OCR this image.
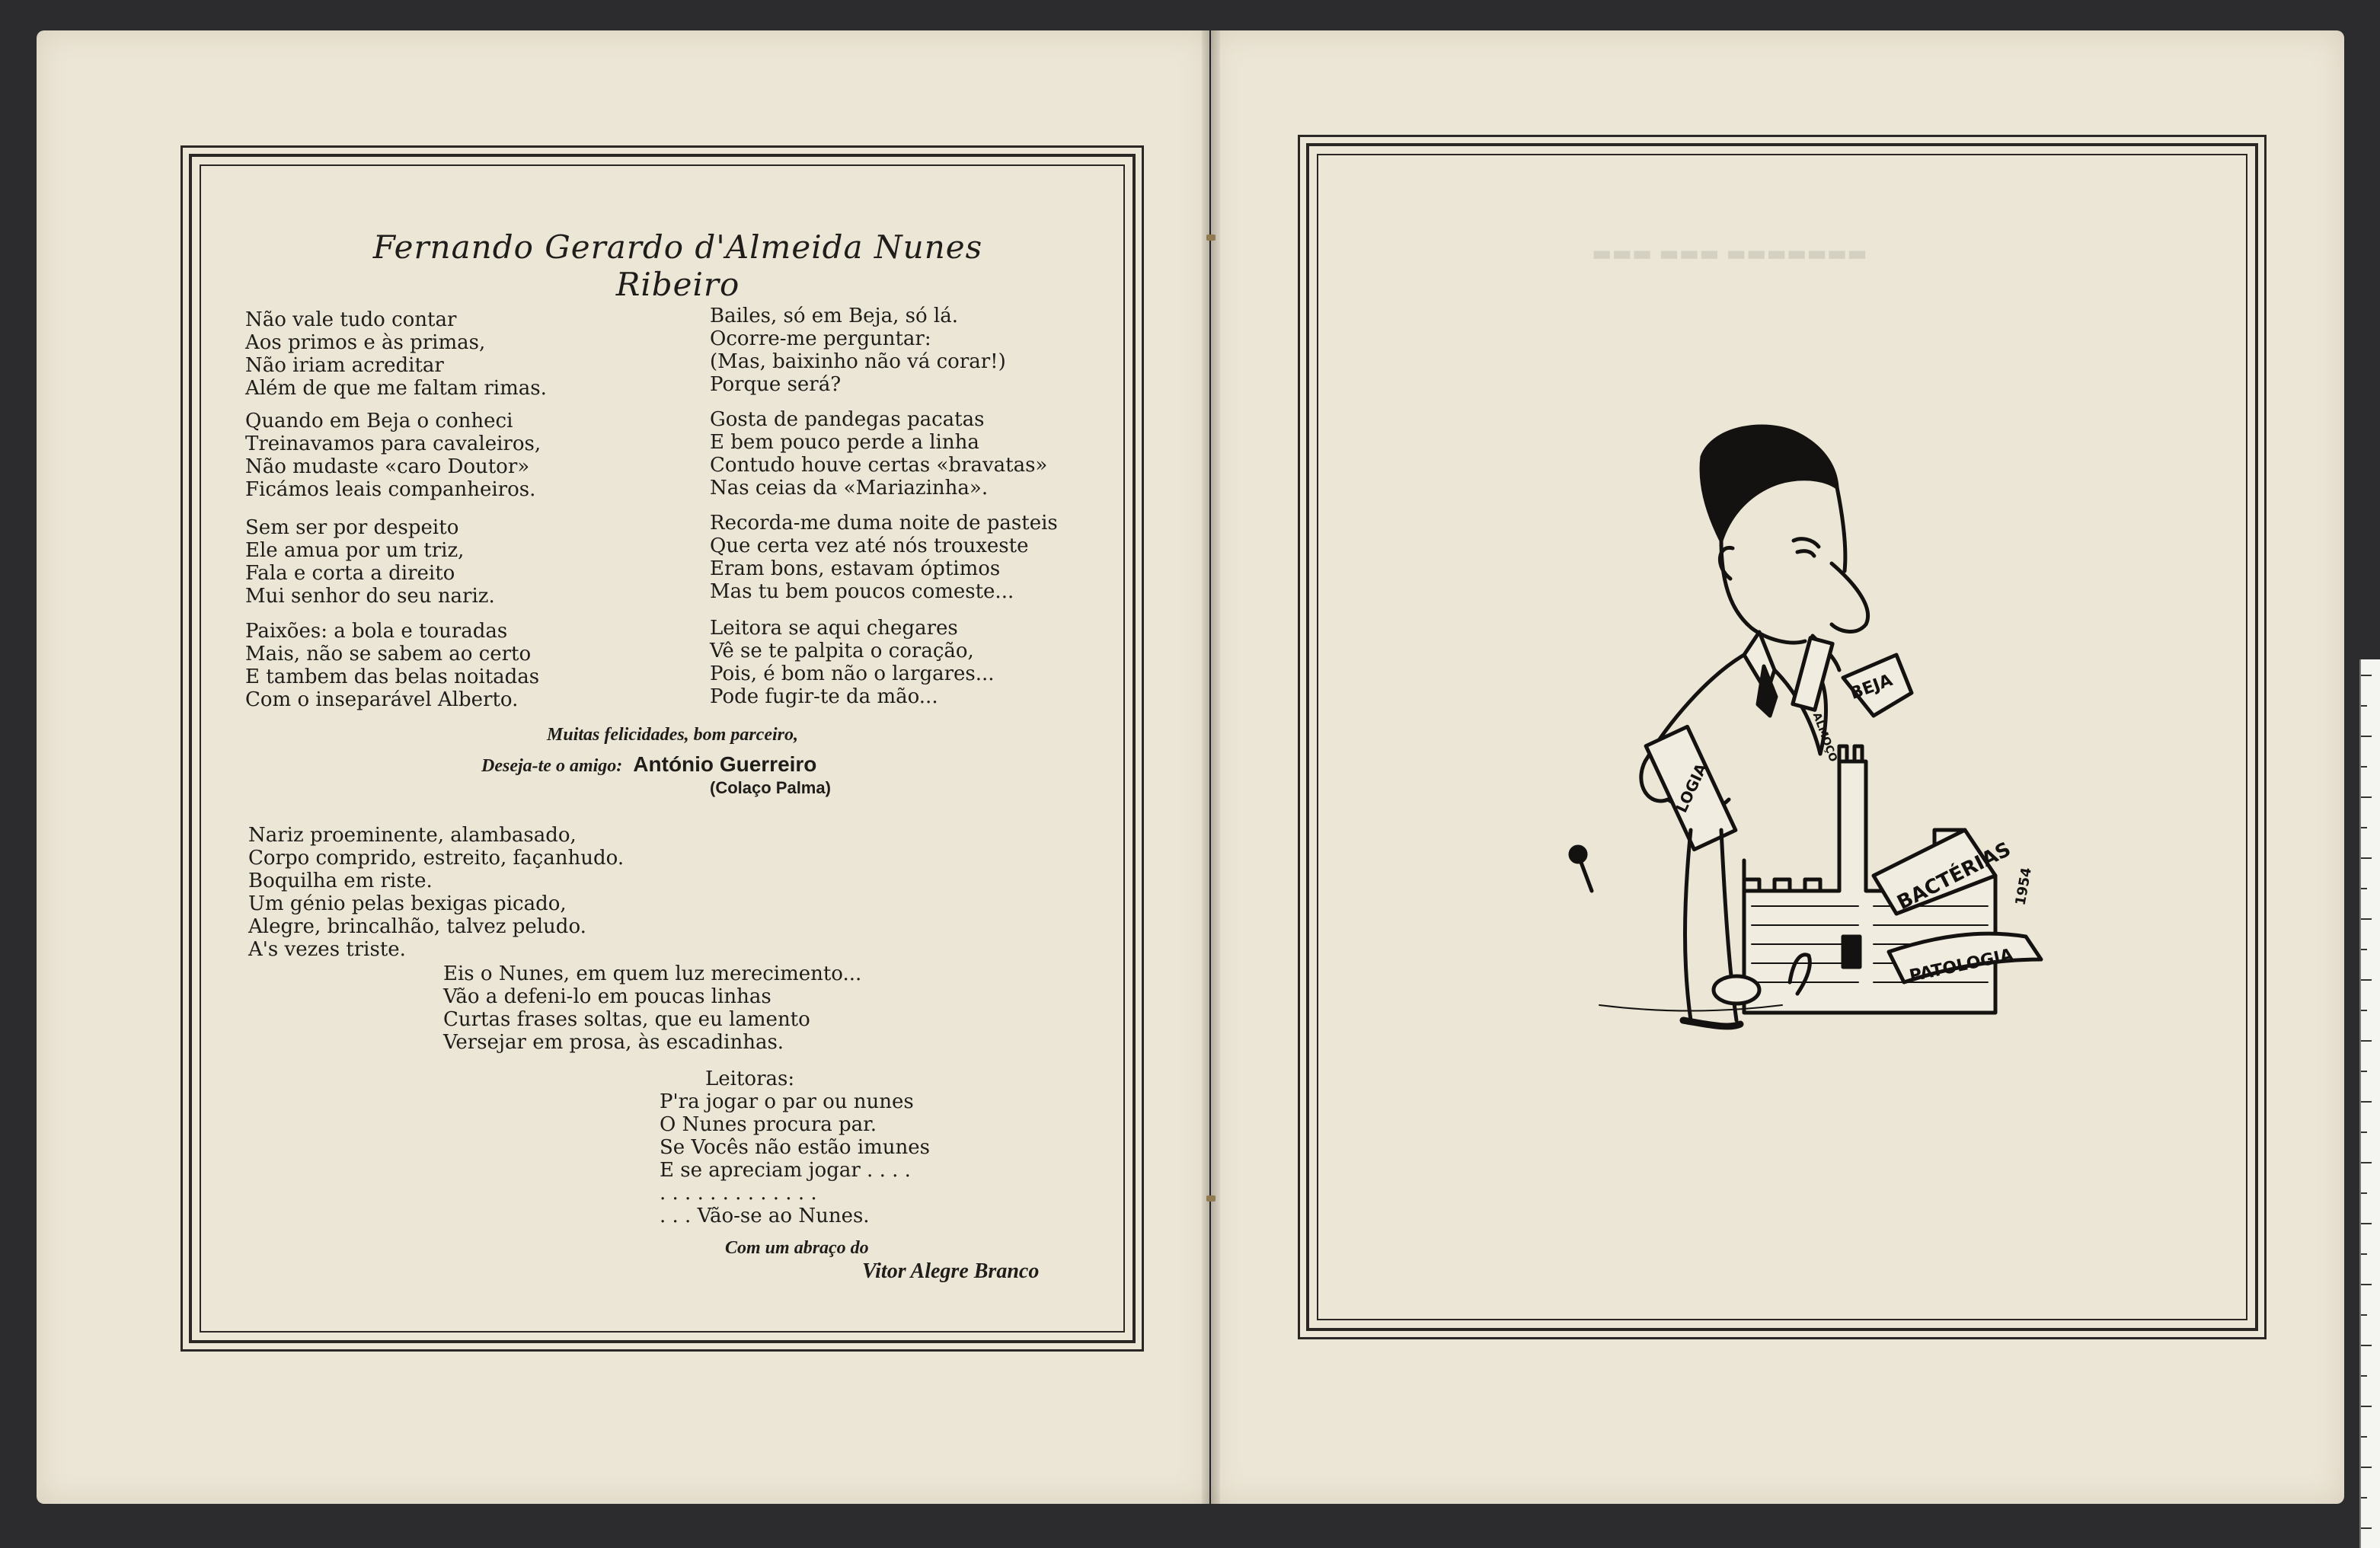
Fernando Gerardo d'Almeida Nunes Ribeiro
Não vale tudo contar
Aos primos e às primas,
Não iriam acreditar
Além de que me faltam rimas.
Quando em Beja o conheci
Treinavamos para cavaleiros,
Não mudaste «caro Doutor»
Ficámos leais companheiros.
Sem ser por despeito
Ele amua por um triz,
Fala e corta a direito
Mui senhor do seu nariz.
Paixões: a bola e touradas
Mais, não se sabem ao certo
E tambem das belas noitadas
Com o inseparável Alberto.
Bailes, só em Beja, só lá.
Ocorre-me perguntar:
(Mas, baixinho não vá corar!)
Porque será?
Gosta de pandegas pacatas
E bem pouco perde a linha
Contudo houve certas «bravatas»
Nas ceias da «Mariazinha».
Recorda-me duma noite de pasteis
Que certa vez até nós trouxeste
Eram bons, estavam óptimos
Mas tu bem poucos comeste...
Leitora se aqui chegares
Vê se te palpita o coração,
Pois, é bom não o largares...
Pode fugir-te da mão...
Muitas felicidades, bom parceiro,
Deseja-te o amigo: António Guerreiro
(Colaço Palma)
Nariz proeminente, alambasado,
Corpo comprido, estreito, façanhudo.
Boquilha em riste.
Um génio pelas bexigas picado,
Alegre, brincalhão, talvez peludo.
A's vezes triste.
Eis o Nunes, em quem luz merecimento...
Vão a defeni-lo em poucas linhas
Curtas frases soltas, que eu lamento
Versejar em prosa, às escadinhas.
Leitoras:
P'ra jogar o par ou nunes
O Nunes procura par.
Se Vocês não estão imunes
E se apreciam jogar . . . .
. . . . . . . . . . . . .
. . . Vão-se ao Nunes.
Com um abraço do
Vitor Alegre Branco
▬▬▬ ▬▬▬ ▬▬▬▬▬▬▬
BEJA
ALMOÇO
LOGIA
BACTÉRIAS
PATOLOGIA
1954
